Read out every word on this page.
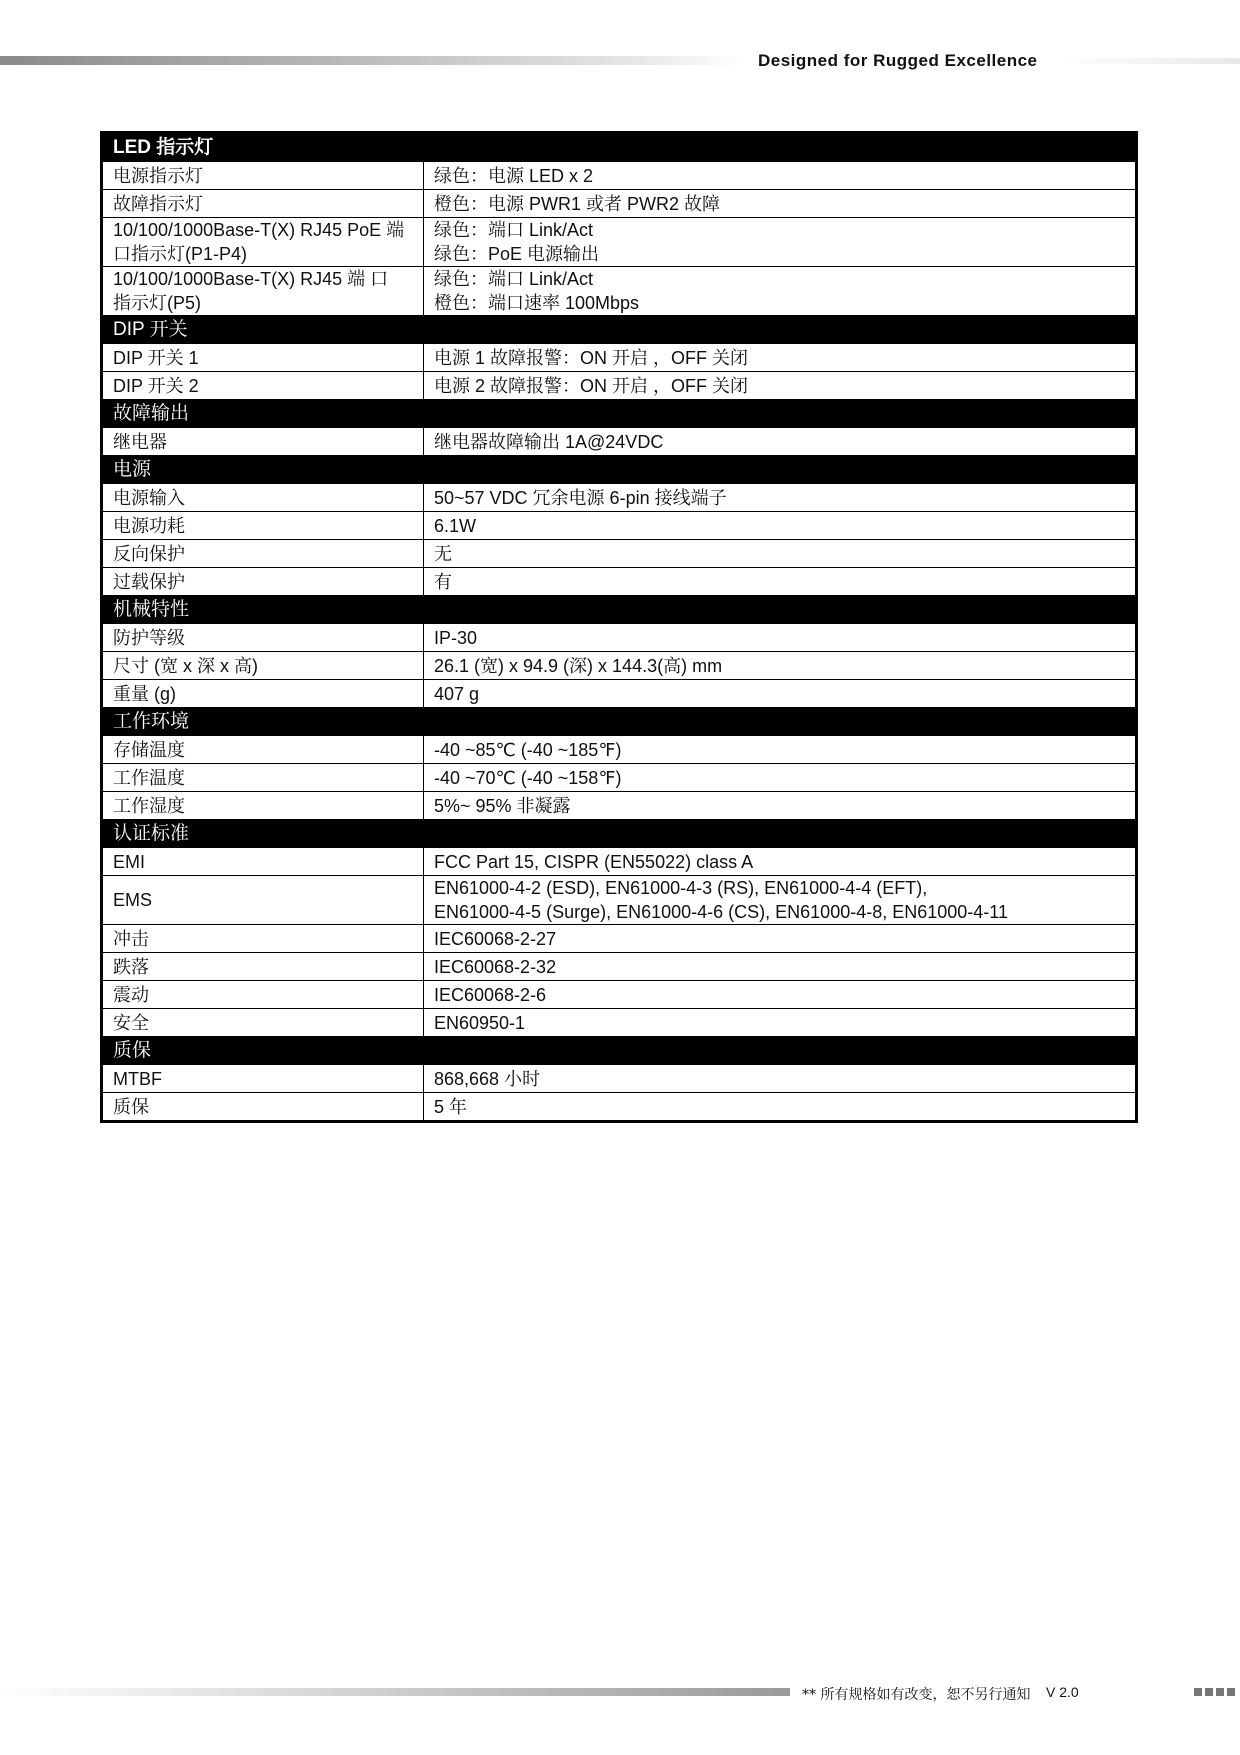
Designed for Rugged Excellence
LED 指示灯	

电源指示灯	绿色：电源 LED x 2

故障指示灯	橙色：电源 PWR1 或者 PWR2 故障

10/100/1000Base-T(X) RJ45 PoE 端
口指示灯(P1-P4)	绿色：端口 Link/Act
绿色：PoE 电源输出

10/100/1000Base-T(X) RJ45 端 口
指示灯(P5)	绿色：端口 Link/Act
橙色：端口速率 100Mbps

DIP 开关	

DIP 开关 1	电源 1 故障报警：ON 开启 ，OFF 关闭

DIP 开关 2	电源 2 故障报警：ON 开启 ，OFF 关闭

故障输出	

继电器	继电器故障输出 1A@24VDC

电源	

电源输入	50~57 VDC 冗余电源 6-pin 接线端子

电源功耗	6.1W

反向保护	无

过载保护	有

机械特性	

防护等级	IP-30

尺寸 (宽 x 深 x 高)	26.1 (宽) x 94.9 (深) x 144.3(高) mm

重量 (g)	407 g

工作环境	

存储温度	-40 ~85℃ (-40 ~185℉)

工作温度	-40 ~70℃ (-40 ~158℉)

工作湿度	5%~ 95% 非凝露

认证标准	

EMI	FCC Part 15, CISPR (EN55022) class A

EMS	EN61000-4-2 (ESD), EN61000-4-3 (RS), EN61000-4-4 (EFT),
EN61000-4-5 (Surge), EN61000-4-6 (CS), EN61000-4-8, EN61000-4-11

冲击	IEC60068-2-27

跌落	IEC60068-2-32

震动	IEC60068-2-6

安全	EN60950-1

质保	

MTBF	868,668 小时

质保	5 年
** 所有规格如有改变，恕不另行通知 V 2.0
